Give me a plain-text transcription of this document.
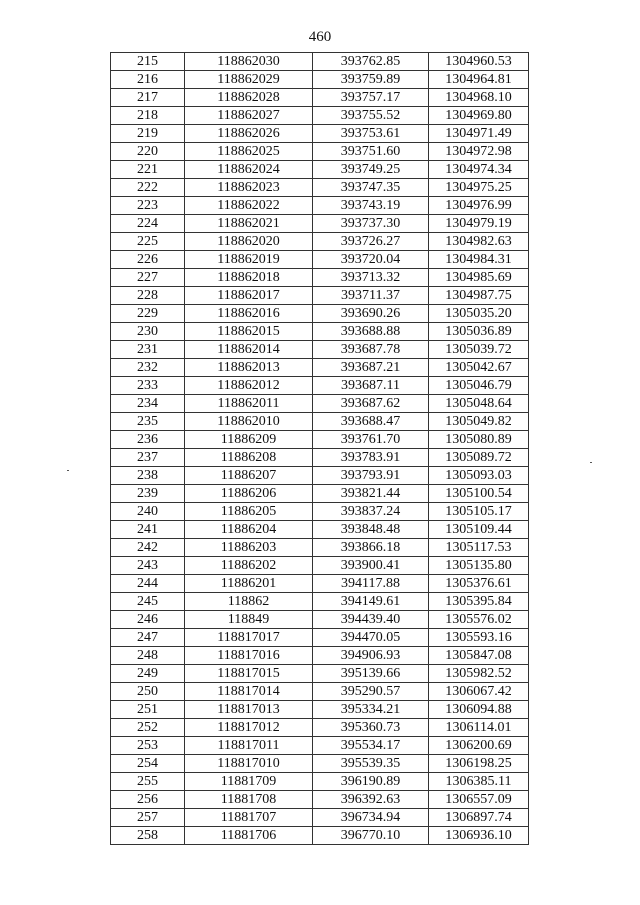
460
215	118862030	393762.85	1304960.53
216	118862029	393759.89	1304964.81
217	118862028	393757.17	1304968.10
218	118862027	393755.52	1304969.80
219	118862026	393753.61	1304971.49
220	118862025	393751.60	1304972.98
221	118862024	393749.25	1304974.34
222	118862023	393747.35	1304975.25
223	118862022	393743.19	1304976.99
224	118862021	393737.30	1304979.19
225	118862020	393726.27	1304982.63
226	118862019	393720.04	1304984.31
227	118862018	393713.32	1304985.69
228	118862017	393711.37	1304987.75
229	118862016	393690.26	1305035.20
230	118862015	393688.88	1305036.89
231	118862014	393687.78	1305039.72
232	118862013	393687.21	1305042.67
233	118862012	393687.11	1305046.79
234	118862011	393687.62	1305048.64
235	118862010	393688.47	1305049.82
236	11886209	393761.70	1305080.89
237	11886208	393783.91	1305089.72
238	11886207	393793.91	1305093.03
239	11886206	393821.44	1305100.54
240	11886205	393837.24	1305105.17
241	11886204	393848.48	1305109.44
242	11886203	393866.18	1305117.53
243	11886202	393900.41	1305135.80
244	11886201	394117.88	1305376.61
245	118862	394149.61	1305395.84
246	118849	394439.40	1305576.02
247	118817017	394470.05	1305593.16
248	118817016	394906.93	1305847.08
249	118817015	395139.66	1305982.52
250	118817014	395290.57	1306067.42
251	118817013	395334.21	1306094.88
252	118817012	395360.73	1306114.01
253	118817011	395534.17	1306200.69
254	118817010	395539.35	1306198.25
255	11881709	396190.89	1306385.11
256	11881708	396392.63	1306557.09
257	11881707	396734.94	1306897.74
258	11881706	396770.10	1306936.10
